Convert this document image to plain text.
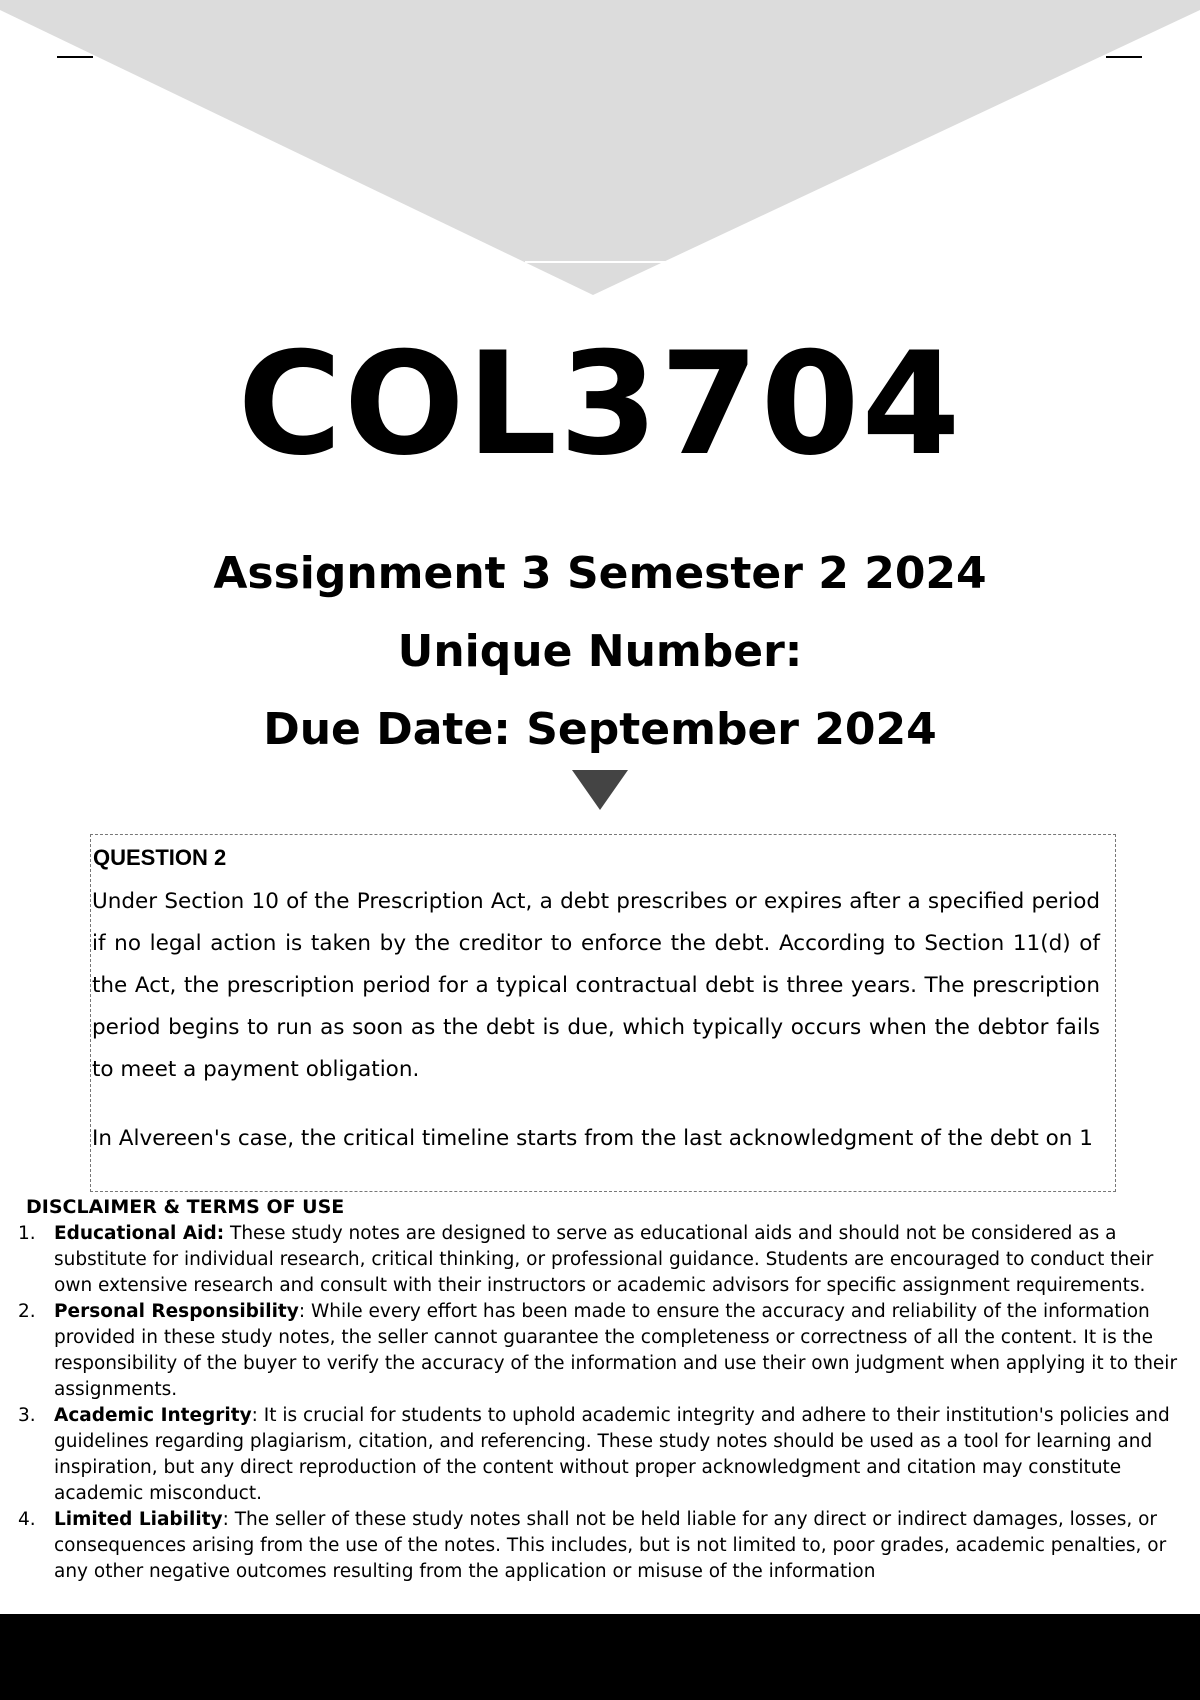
COL3704
Assignment 3 Semester 2 2024
Unique Number:
Due Date: September 2024
QUESTION 2

Under Section 10 of the Prescription Act, a debt prescribes or expires after a specified period if no legal action is taken by the creditor to enforce the debt. According to Section 11(d) of the Act, the prescription period for a typical contractual debt is three years. The prescription period begins to run as soon as the debt is due, which typically occurs when the debtor fails to meet a payment obligation.

In Alvereen's case, the critical timeline starts from the last acknowledgment of the debt on 1

DISCLAIMER & TERMS OF USE
1. Educational Aid: These study notes are designed to serve as educational aids and should not be considered as a substitute for individual research, critical thinking, or professional guidance. Students are encouraged to conduct their own extensive research and consult with their instructors or academic advisors for specific assignment requirements.
2. Personal Responsibility: While every effort has been made to ensure the accuracy and reliability of the information provided in these study notes, the seller cannot guarantee the completeness or correctness of all the content. It is the responsibility of the buyer to verify the accuracy of the information and use their own judgment when applying it to their assignments.
3. Academic Integrity: It is crucial for students to uphold academic integrity and adhere to their institution's policies and guidelines regarding plagiarism, citation, and referencing. These study notes should be used as a tool for learning and inspiration, but any direct reproduction of the content without proper acknowledgment and citation may constitute academic misconduct.
4. Limited Liability: The seller of these study notes shall not be held liable for any direct or indirect damages, losses, or consequences arising from the use of the notes. This includes, but is not limited to, poor grades, academic penalties, or any other negative outcomes resulting from the application or misuse of the information
